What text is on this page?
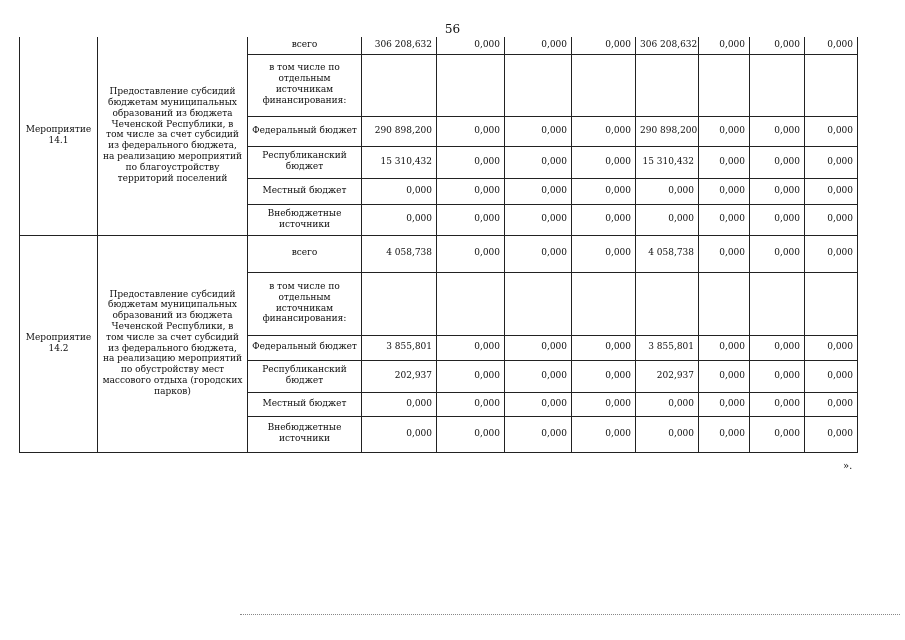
56
Мероприятие 14.1	Предоставление субсидий бюджетам муниципальных образований из бюджета Чеченской Республики, в том числе за счет субсидий из федерального бюджета, на реализацию мероприятий по благоустройству территорий поселений	всего	306 208,632	0,000	0,000	0,000	306 208,632	0,000	0,000	0,000
		в том числе по отдельным источникам финансирования:								
		Федеральный бюджет	290 898,200	0,000	0,000	0,000	290 898,200	0,000	0,000	0,000
		Республиканский бюджет	15 310,432	0,000	0,000	0,000	15 310,432	0,000	0,000	0,000
		Местный бюджет	0,000	0,000	0,000	0,000	0,000	0,000	0,000	0,000
		Внебюджетные источники	0,000	0,000	0,000	0,000	0,000	0,000	0,000	0,000
Мероприятие 14.2	Предоставление субсидий бюджетам муниципальных образований из бюджета Чеченской Республики, в том числе за счет субсидий из федерального бюджета, на реализацию мероприятий по обустройству мест массового отдыха (городских парков)	всего	4 058,738	0,000	0,000	0,000	4 058,738	0,000	0,000	0,000
		в том числе по отдельным источникам финансирования:								
		Федеральный бюджет	3 855,801	0,000	0,000	0,000	3 855,801	0,000	0,000	0,000
		Республиканский бюджет	202,937	0,000	0,000	0,000	202,937	0,000	0,000	0,000
		Местный бюджет	0,000	0,000	0,000	0,000	0,000	0,000	0,000	0,000
		Внебюджетные источники	0,000	0,000	0,000	0,000	0,000	0,000	0,000	0,000
».
